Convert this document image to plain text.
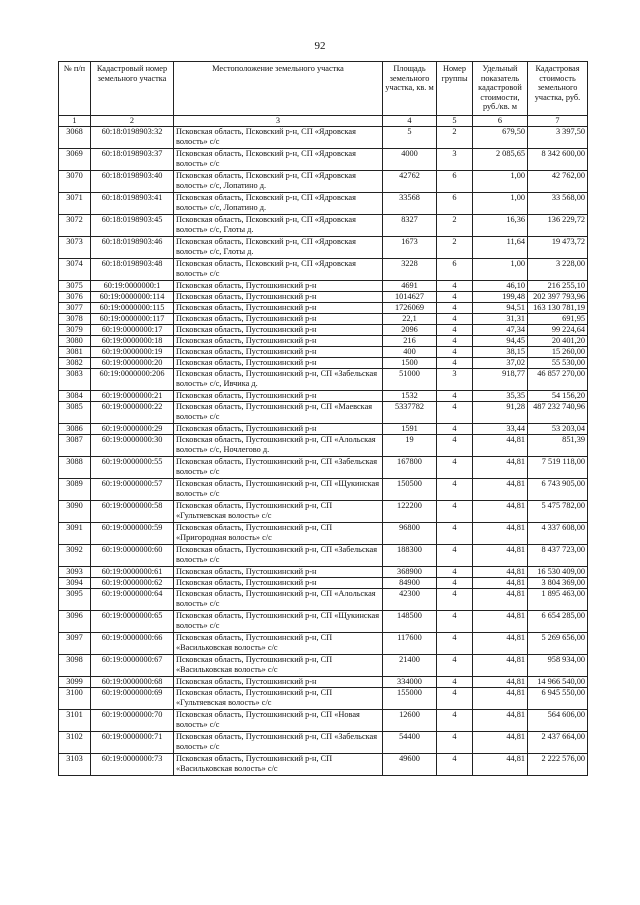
92
№ п/п	Кадастровый номер земельного участка	Местоположение земельного участка	Площадь земельного участка, кв. м	Номер группы	Удельный показатель кадастровой стоимости, руб./кв. м	Кадастровая стоимость земельного участка, руб.
1	2	3	4	5	6	7
3068	60:18:0198903:32	Псковская область, Псковский р-н, СП «Ядровская волость» с/с	5	2	679,50	3 397,50
3069	60:18:0198903:37	Псковская область, Псковский р-н, СП «Ядровская волость» с/с	4000	3	2 085,65	8 342 600,00
3070	60:18:0198903:40	Псковская область, Псковский р-н, СП «Ядровская волость» с/с, Лопатино д.	42762	6	1,00	42 762,00
3071	60:18:0198903:41	Псковская область, Псковский р-н, СП «Ядровская волость» с/с, Лопатино д.	33568	6	1,00	33 568,00
3072	60:18:0198903:45	Псковская область, Псковский р-н, СП «Ядровская волость» с/с, Глоты д.	8327	2	16,36	136 229,72
3073	60:18:0198903:46	Псковская область, Псковский р-н, СП «Ядровская волость» с/с, Глоты д.	1673	2	11,64	19 473,72
3074	60:18:0198903:48	Псковская область, Псковский р-н, СП «Ядровская волость» с/с	3228	6	1,00	3 228,00
3075	60:19:0000000:1	Псковская область, Пустошкинский р-н	4691	4	46,10	216 255,10
3076	60:19:0000000:114	Псковская область, Пустошкинский р-н	1014627	4	199,48	202 397 793,96
3077	60:19:0000000:115	Псковская область, Пустошкинский р-н	1726069	4	94,51	163 130 781,19
3078	60:19:0000000:117	Псковская область, Пустошкинский р-н	22,1	4	31,31	691,95
3079	60:19:0000000:17	Псковская область, Пустошкинский р-н	2096	4	47,34	99 224,64
3080	60:19:0000000:18	Псковская область, Пустошкинский р-н	216	4	94,45	20 401,20
3081	60:19:0000000:19	Псковская область, Пустошкинский р-н	400	4	38,15	15 260,00
3082	60:19:0000000:20	Псковская область, Пустошкинский р-н	1500	4	37,02	55 530,00
3083	60:19:0000000:206	Псковская область, Пустошкинский р-н, СП «Забельская волость» с/с, Ивчика д.	51000	3	918,77	46 857 270,00
3084	60:19:0000000:21	Псковская область, Пустошкинский р-н	1532	4	35,35	54 156,20
3085	60:19:0000000:22	Псковская область, Пустошкинский р-н, СП «Маевская волость» с/с	5337782	4	91,28	487 232 740,96
3086	60:19:0000000:29	Псковская область, Пустошкинский р-н	1591	4	33,44	53 203,04
3087	60:19:0000000:30	Псковская область, Пустошкинский р-н, СП «Алольская волость» с/с, Ночлегово д.	19	4	44,81	851,39
3088	60:19:0000000:55	Псковская область, Пустошкинский р-н, СП «Забельская волость» с/с	167800	4	44,81	7 519 118,00
3089	60:19:0000000:57	Псковская область, Пустошкинский р-н, СП «Щукинская волость» с/с	150500	4	44,81	6 743 905,00
3090	60:19:0000000:58	Псковская область, Пустошкинский р-н, СП «Гультяевская волость» с/с	122200	4	44,81	5 475 782,00
3091	60:19:0000000:59	Псковская область, Пустошкинский р-н, СП «Пригородная волость» с/с	96800	4	44,81	4 337 608,00
3092	60:19:0000000:60	Псковская область, Пустошкинский р-н, СП «Забельская волость» с/с	188300	4	44,81	8 437 723,00
3093	60:19:0000000:61	Псковская область, Пустошкинский р-н	368900	4	44,81	16 530 409,00
3094	60:19:0000000:62	Псковская область, Пустошкинский р-н	84900	4	44,81	3 804 369,00
3095	60:19:0000000:64	Псковская область, Пустошкинский р-н, СП «Алольская волость» с/с	42300	4	44,81	1 895 463,00
3096	60:19:0000000:65	Псковская область, Пустошкинский р-н, СП «Щукинская волость» с/с	148500	4	44,81	6 654 285,00
3097	60:19:0000000:66	Псковская область, Пустошкинский р-н, СП «Васильковская волость» с/с	117600	4	44,81	5 269 656,00
3098	60:19:0000000:67	Псковская область, Пустошкинский р-н, СП «Васильковская волость» с/с	21400	4	44,81	958 934,00
3099	60:19:0000000:68	Псковская область, Пустошкинский р-н	334000	4	44,81	14 966 540,00
3100	60:19:0000000:69	Псковская область, Пустошкинский р-н, СП «Гультяевская волость» с/с	155000	4	44,81	6 945 550,00
3101	60:19:0000000:70	Псковская область, Пустошкинский р-н, СП «Новая волость» с/с	12600	4	44,81	564 606,00
3102	60:19:0000000:71	Псковская область, Пустошкинский р-н, СП «Забельская волость» с/с	54400	4	44,81	2 437 664,00
3103	60:19:0000000:73	Псковская область, Пустошкинский р-н, СП «Васильковская волость» с/с	49600	4	44,81	2 222 576,00
